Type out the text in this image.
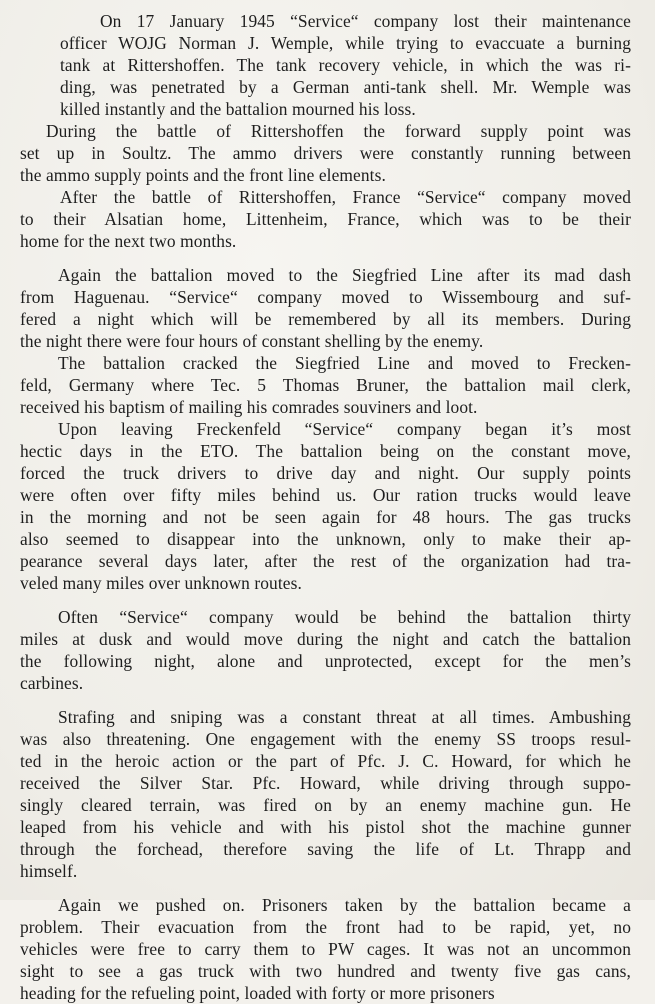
On 17 January 1945 “Service“ company lost their maintenance
officer WOJG Norman J. Wemple, while trying to evaccuate a burning
tank at Rittershoffen. The tank recovery vehicle, in which the was ri-
ding, was penetrated by a German anti-tank shell. Mr. Wemple was
killed instantly and the battalion mourned his loss.

During the battle of Rittershoffen the forward supply point was
set up in Soultz. The ammo drivers were constantly running between
the ammo supply points and the front line elements.

After the battle of Rittershoffen, France “Service“ company moved
to their Alsatian home, Littenheim, France, which was to be their
home for the next two months.

Again the battalion moved to the Siegfried Line after its mad dash
from Haguenau. “Service“ company moved to Wissembourg and suf-
fered a night which will be remembered by all its members. During
the night there were four hours of constant shelling by the enemy.

The battalion cracked the Siegfried Line and moved to Frecken-
feld, Germany where Tec. 5 Thomas Bruner, the battalion mail clerk,
received his baptism of mailing his comrades souviners and loot.

Upon leaving Freckenfeld “Service“ company began it’s most
hectic days in the ETO. The battalion being on the constant move,
forced the truck drivers to drive day and night. Our supply points
were often over fifty miles behind us. Our ration trucks would leave
in the morning and not be seen again for 48 hours. The gas trucks
also seemed to disappear into the unknown, only to make their ap-
pearance several days later, after the rest of the organization had tra-
veled many miles over unknown routes.

Often “Service“ company would be behind the battalion thirty
miles at dusk and would move during the night and catch the battalion
the following night, alone and unprotected, except for the men’s
carbines.

Strafing and sniping was a constant threat at all times. Ambushing
was also threatening. One engagement with the enemy SS troops resul-
ted in the heroic action or the part of Pfc. J. C. Howard, for which he
received the Silver Star. Pfc. Howard, while driving through suppo-
singly cleared terrain, was fired on by an enemy machine gun. He
leaped from his vehicle and with his pistol shot the machine gunner
through the forchead, therefore saving the life of Lt. Thrapp and
himself.

Again we pushed on. Prisoners taken by the battalion became a
problem. Their evacuation from the front had to be rapid, yet, no
vehicles were free to carry them to PW cages. It was not an uncommon
sight to see a gas truck with two hundred and twenty five gas cans,
heading for the refueling point, loaded with forty or more prisoners
